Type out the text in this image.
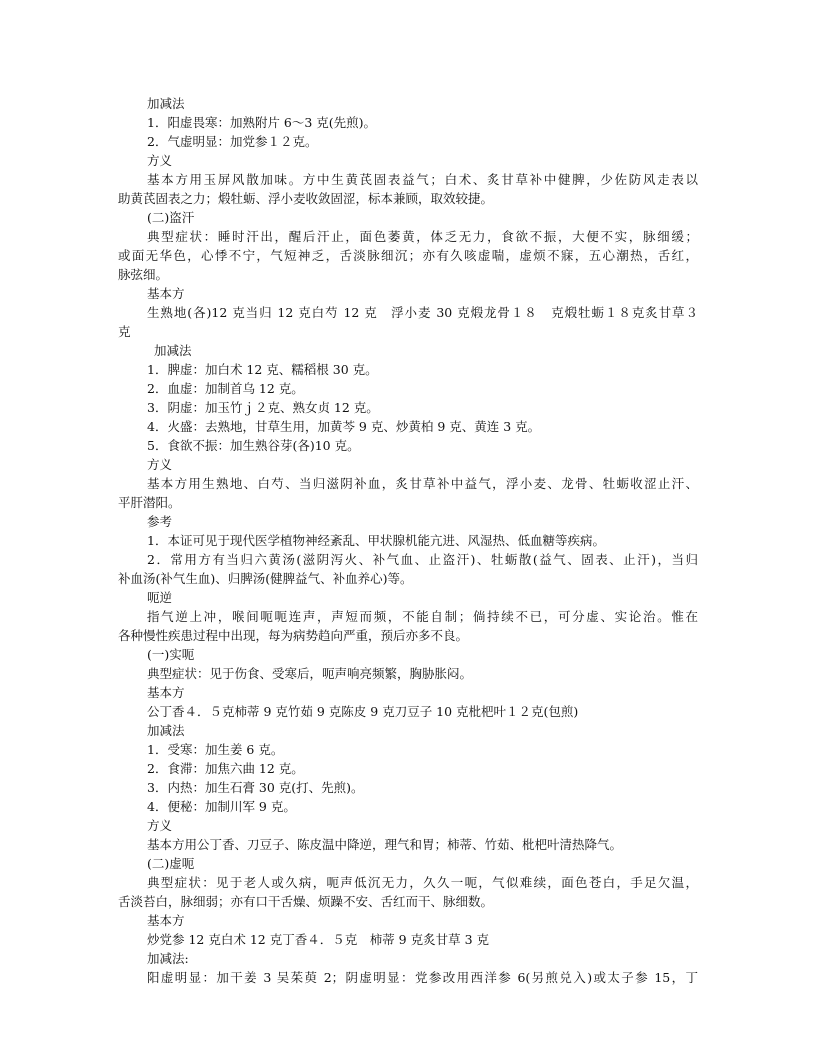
加减法

1．阳虚畏寒：加熟附片 6～3 克(先煎)。

2．气虚明显：加党参１２克。

方义

基本方用玉屏风散加味。方中生黄芪固表益气；白术、炙甘草补中健脾，少佐防风走表以

助黄芪固表之力；煅牡蛎、浮小麦收敛固涩，标本兼顾，取效较捷。

(二)盗汗

典型症状：睡时汗出，醒后汗止，面色萎黄，体乏无力，食欲不振，大便不实，脉细缓；

或面无华色，心悸不宁，气短神乏，舌淡脉细沉；亦有久咳虚喘，虚烦不寐，五心潮热，舌红，

脉弦细。

基本方

生熟地(各)12 克当归 12 克白芍 12 克　浮小麦 30 克煅龙骨１８　克煅牡蛎１８克炙甘草３

克

加减法

1．脾虚：加白术 12 克、糯稻根 30 克。

2．血虚：加制首乌 12 克。

3．阴虚：加玉竹ｊ２克、熟女贞 12 克。

4．火盛：去熟地，甘草生用，加黄芩 9 克、炒黄柏 9 克、黄连 3 克。

5．食欲不振：加生熟谷芽(各)10 克。

方义

基本方用生熟地、白芍、当归滋阴补血，炙甘草补中益气，浮小麦、龙骨、牡蛎收涩止汗、

平肝潜阳。

参考

1．本证可见于现代医学植物神经紊乱、甲状腺机能亢进、风湿热、低血糖等疾病。

2．常用方有当归六黄汤(滋阴泻火、补气血、止盗汗)、牡蛎散(益气、固表、止汗)，当归

补血汤(补气生血)、归脾汤(健脾益气、补血养心)等。

呃逆

指气逆上冲，喉间呃呃连声，声短而频，不能自制；倘持续不已，可分虚、实论治。惟在

各种慢性疾患过程中出现，每为病势趋向严重，预后亦多不良。

(一)实呃

典型症状：见于伤食、受寒后，呃声响亮频繁，胸胁胀闷。

基本方

公丁香４．５克柿蒂 9 克竹茹 9 克陈皮 9 克刀豆子 10 克枇杷叶１２克(包煎)

加减法

1．受寒：加生姜 6 克。

2．食滞：加焦六曲 12 克。

3．内热：加生石膏 30 克(打、先煎)。

4．便秘：加制川军 9 克。

方义

基本方用公丁香、刀豆子、陈皮温中降逆，理气和胃；柿蒂、竹茹、枇杷叶清热降气。

(二)虚呃

典型症状：见于老人或久病，呃声低沉无力，久久一呃，气似难续，面色苍白，手足欠温，

舌淡苔白，脉细弱；亦有口干舌燥、烦躁不安、舌红而干、脉细数。

基本方

炒党参 12 克白术 12 克丁香４．５克　柿蒂 9 克炙甘草 3 克

加减法:

阳虚明显：加干姜 3 吴茱萸 2；阴虚明显：党参改用西洋参 6(另煎兑入)或太子参 15，丁
